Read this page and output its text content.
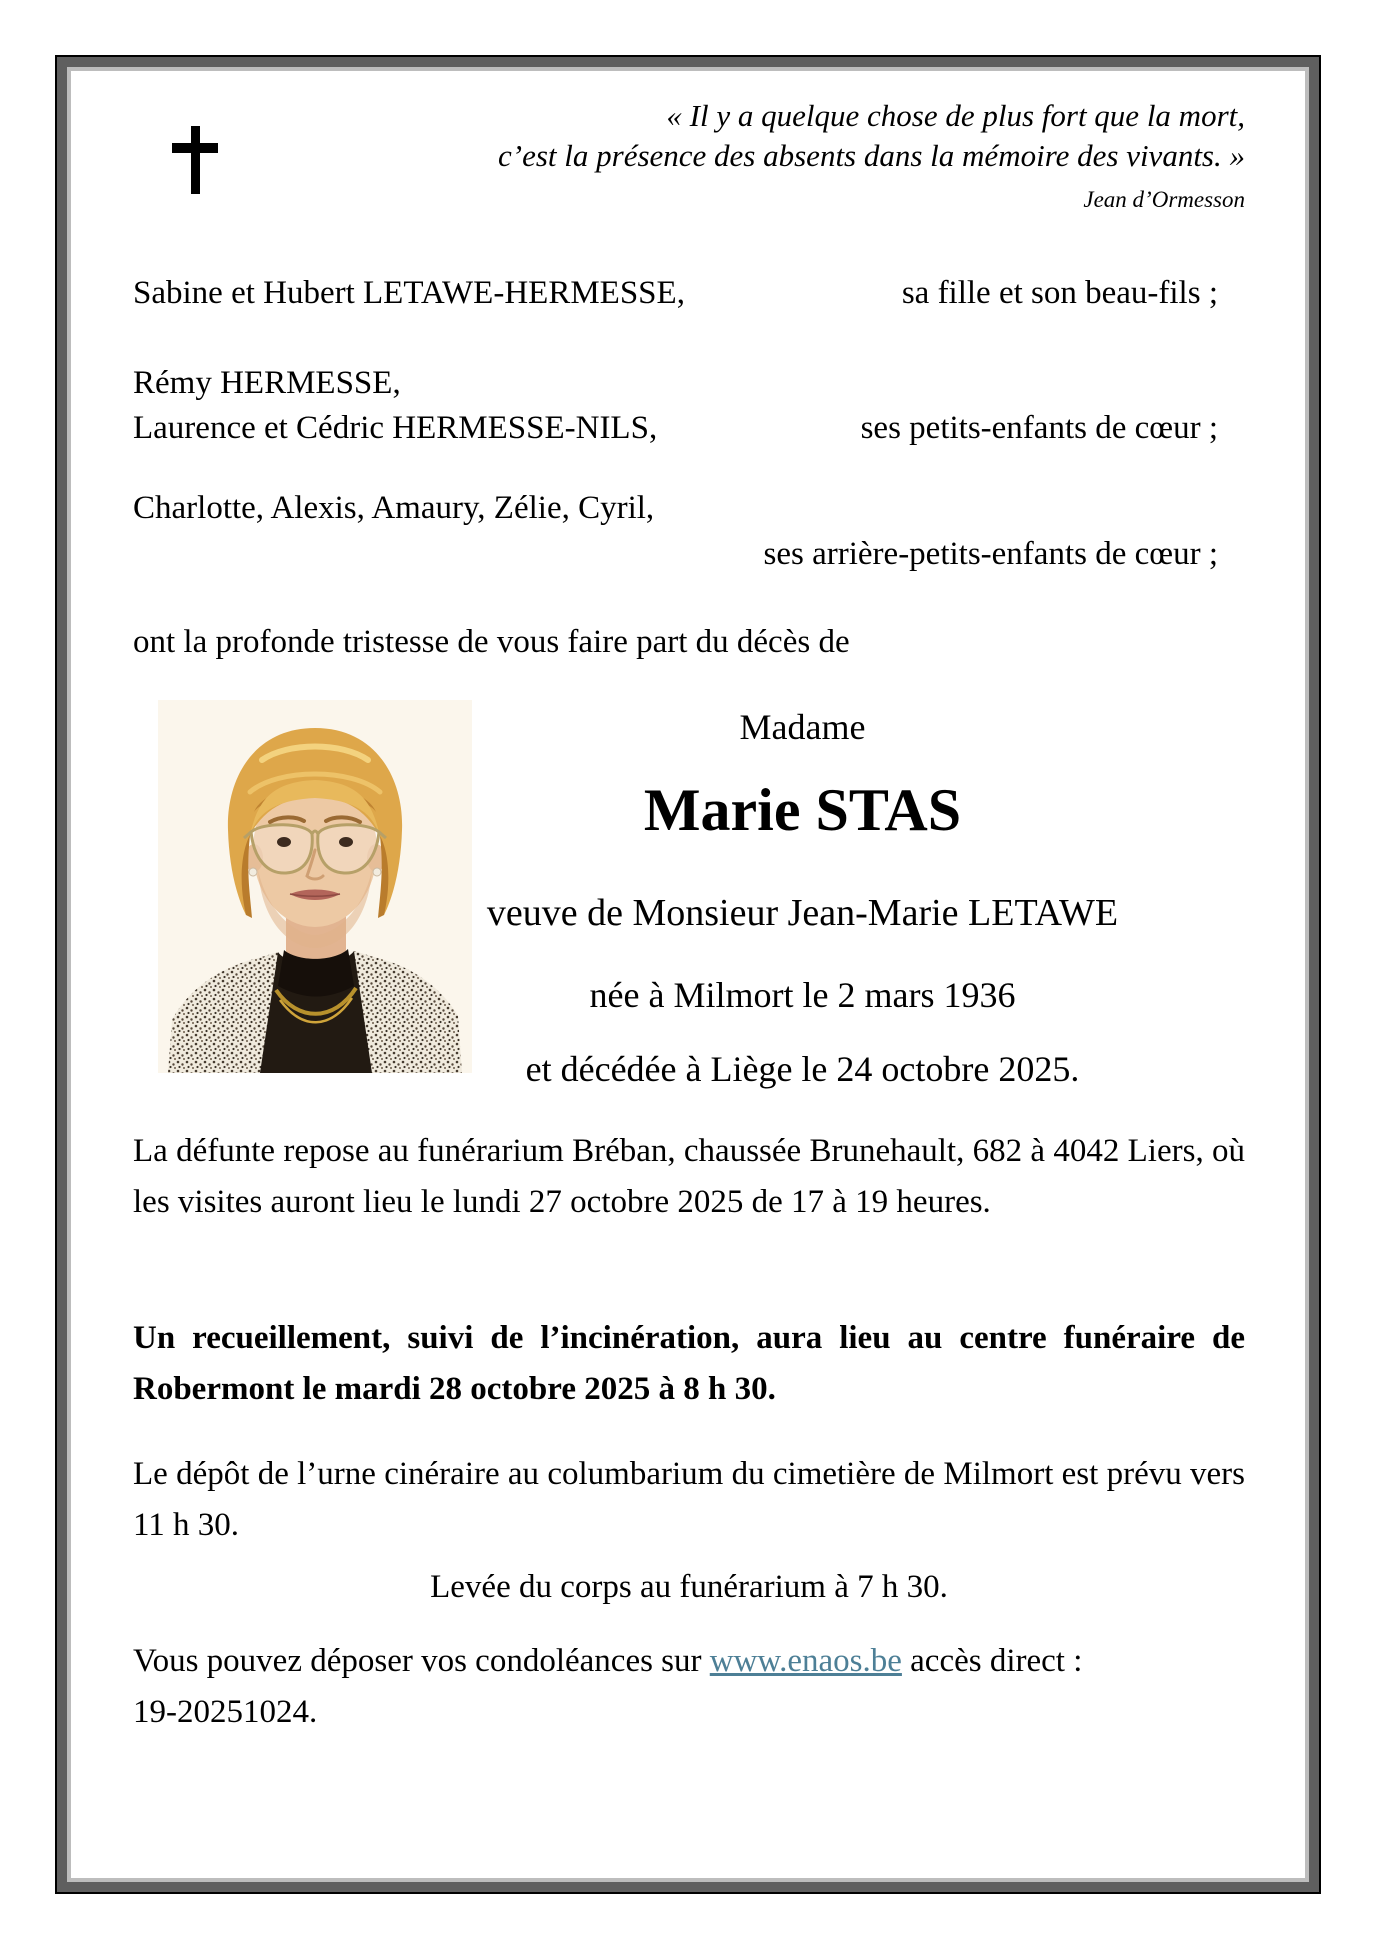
« Il y a quelque chose de plus fort que la mort,
c’est la présence des absents dans la mémoire des vivants. »
Jean d’Ormesson
Sabine et Hubert LETAWE-HERMESSE,	sa fille et son beau-fils ;
Rémy HERMESSE,
Laurence et Cédric HERMESSE-NILS,	ses petits-enfants de cœur ;
Charlotte, Alexis, Amaury, Zélie, Cyril,
ses arrière-petits-enfants de cœur ;
ont la profonde tristesse de vous faire part du décès de
Madame
Marie STAS
veuve de Monsieur Jean-Marie LETAWE
née à Milmort le 2 mars 1936
et décédée à Liège le 24 octobre 2025.
La défunte repose au funérarium Bréban, chaussée Brunehault, 682 à 4042 Liers, où les visites auront lieu le lundi 27 octobre 2025 de 17 à 19 heures.
Un recueillement, suivi de l’incinération, aura lieu au centre funéraire de Robermont le mardi 28 octobre 2025 à 8 h 30.
Le dépôt de l’urne cinéraire au columbarium du cimetière de Milmort est prévu vers 11 h 30.
Levée du corps au funérarium à 7 h 30.
Vous pouvez déposer vos condoléances sur www.enaos.be accès direct :
19-20251024.
